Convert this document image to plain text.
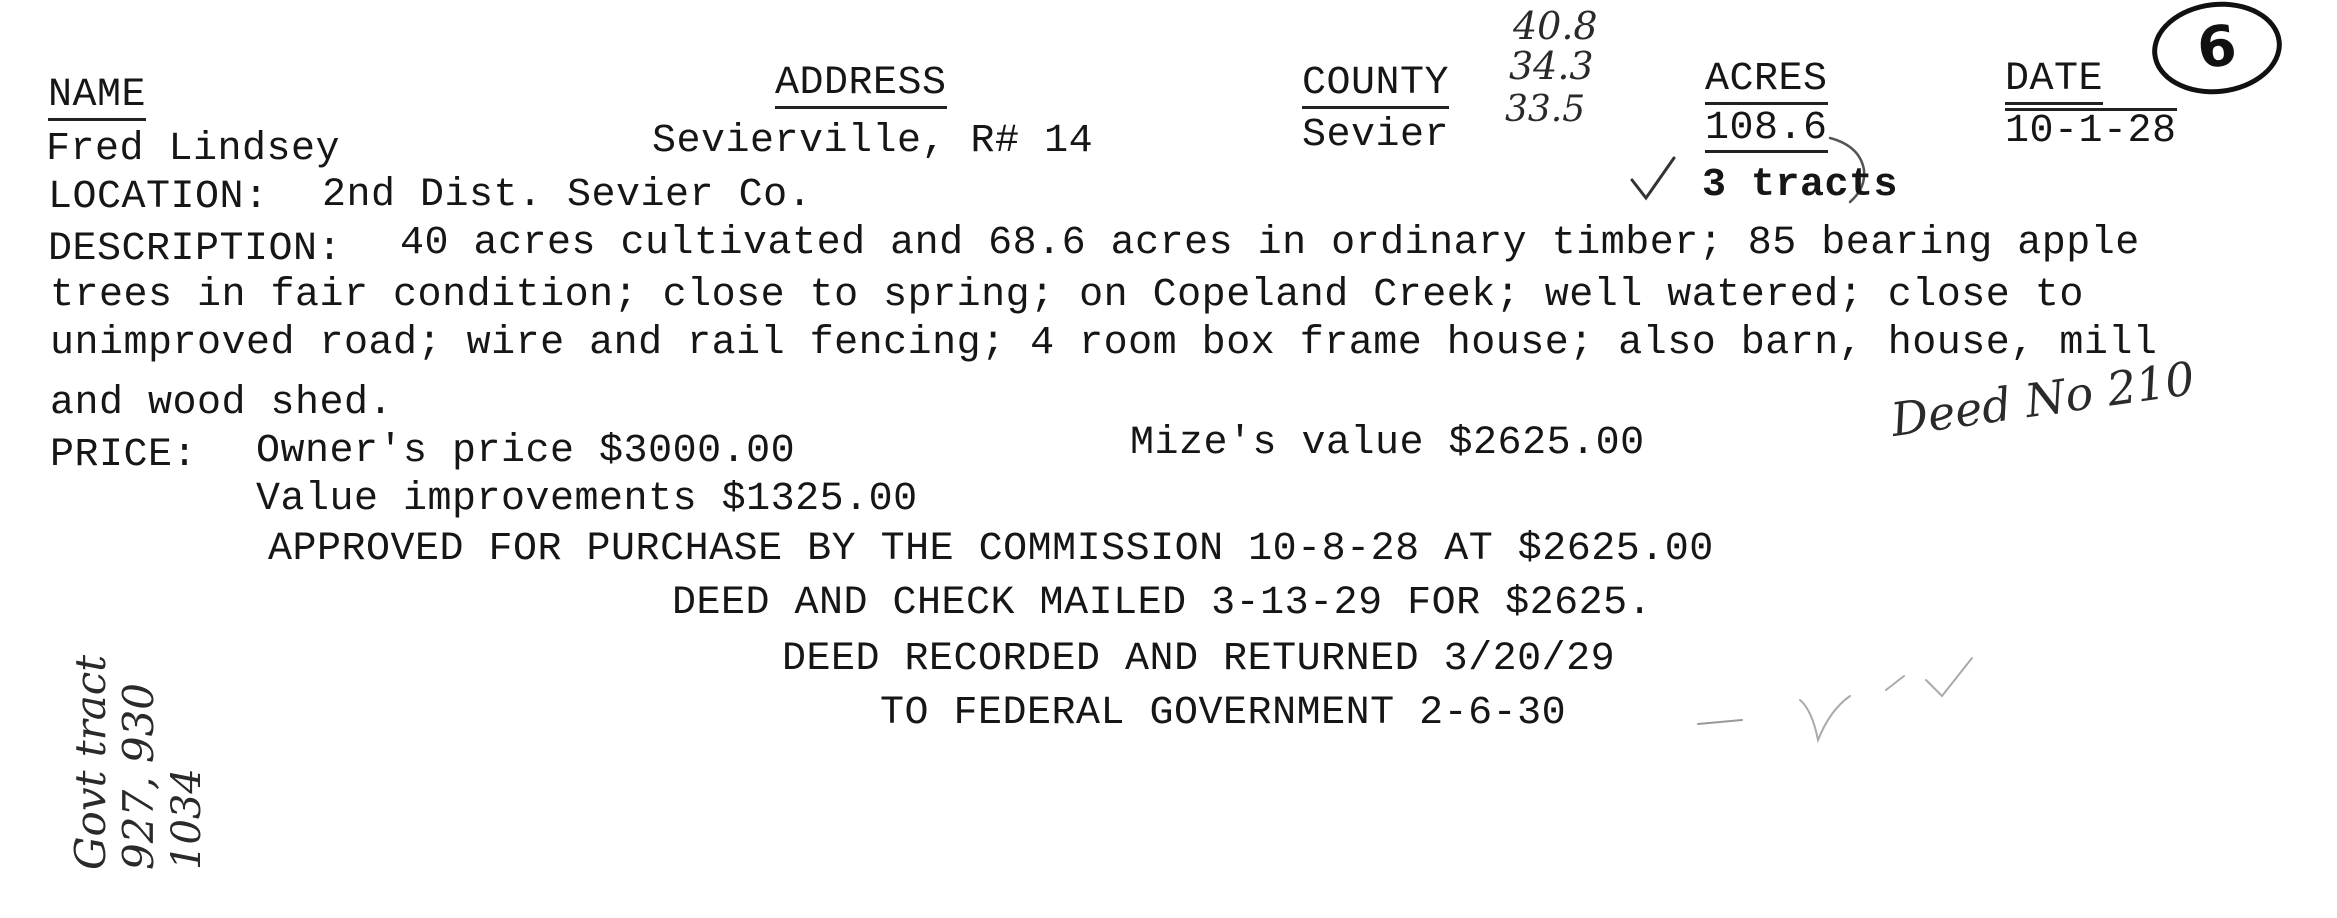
6
40.8
34.3
33.5
NAME	ADDRESS	COUNTY	ACRES	DATE
Fred Lindsey	Sevierville, R# 14	Sevier	108.6	10-1-28
3 tracts
LOCATION: 2nd Dist. Sevier Co.
DESCRIPTION: 40 acres cultivated and 68.6 acres in ordinary timber; 85 bearing apple
trees in fair condition; close to spring; on Copeland Creek; well watered; close to
unimproved road; wire and rail fencing; 4 room box frame house; also barn, house, mill
and wood shed.
PRICE: Owner's price $3000.00	Mize's value $2625.00
Value improvements $1325.00
Deed No 210
APPROVED FOR PURCHASE BY THE COMMISSION 10-8-28 AT $2625.00
DEED AND CHECK MAILED 3-13-29 FOR $2625.
DEED RECORDED AND RETURNED 3/20/29
TO FEDERAL GOVERNMENT 2-6-30
Govt tract 927, 930 1034
